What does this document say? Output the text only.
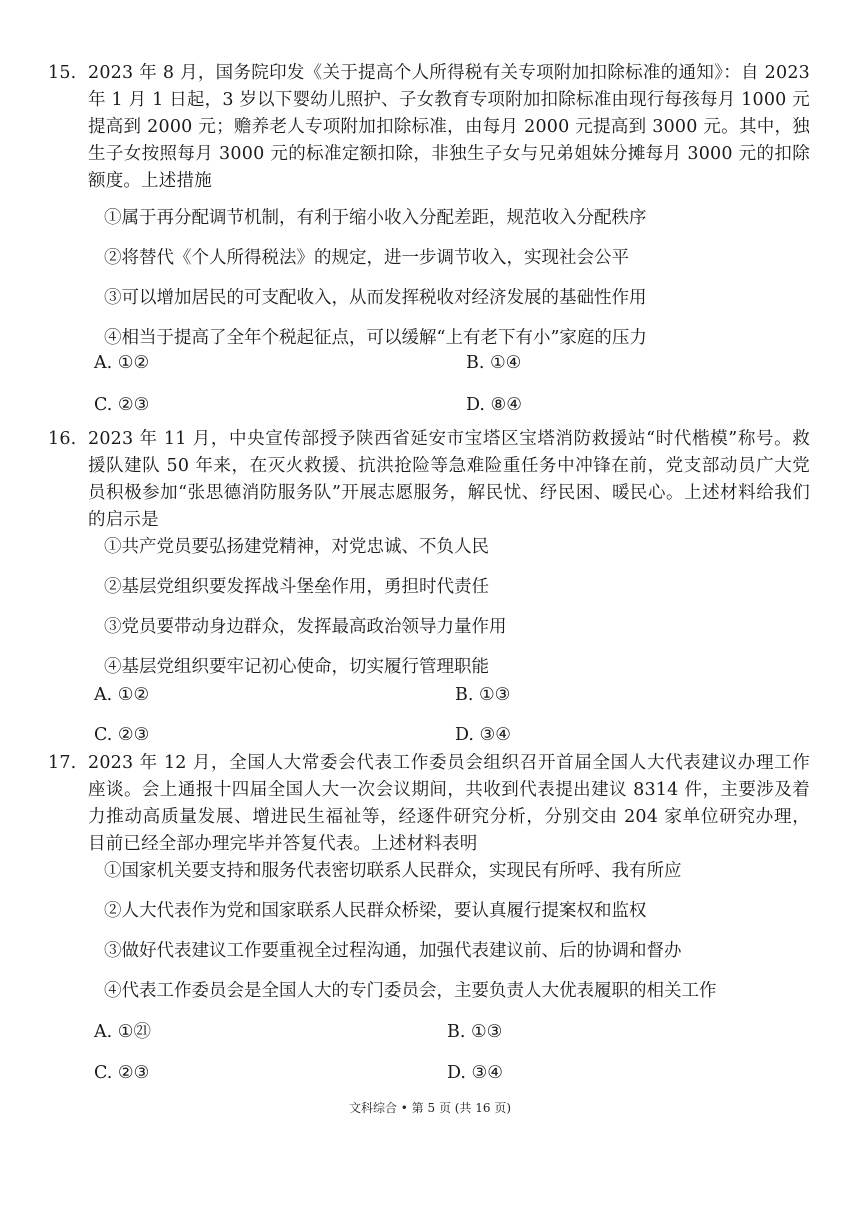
15. 2023 年 8 月，国务院印发《关于提高个人所得税有关专项附加扣除标准的通知》：自 2023 年 1 月 1 日起，3 岁以下婴幼儿照护、子女教育专项附加扣除标准由现行每孩每月 1000 元提高到 2000 元；赡养老人专项附加扣除标准，由每月 2000 元提高到 3000 元。其中，独生子女按照每月 3000 元的标准定额扣除，非独生子女与兄弟姐妹分摊每月 3000 元的扣除额度。上述措施

①属于再分配调节机制，有利于缩小收入分配差距，规范收入分配秩序

②将替代《个人所得税法》的规定，进一步调节收入，实现社会公平

③可以增加居民的可支配收入，从而发挥税收对经济发展的基础性作用

④相当于提高了全年个税起征点，可以缓解“上有老下有小”家庭的压力

A. ①②	B. ①④
C. ②③	D. ⑧④
16. 2023 年 11 月，中央宣传部授予陕西省延安市宝塔区宝塔消防救援站“时代楷模”称号。救援队建队 50 年来，在灭火救援、抗洪抢险等急难险重任务中冲锋在前，党支部动员广大党员积极参加“张思德消防服务队”开展志愿服务，解民忧、纾民困、暖民心。上述材料给我们的启示是

①共产党员要弘扬建党精神，对党忠诚、不负人民

②基层党组织要发挥战斗堡垒作用，勇担时代责任

③党员要带动身边群众，发挥最高政治领导力量作用

④基层党组织要牢记初心使命，切实履行管理职能

A. ①②	B. ①③
C. ②③	D. ③④
17. 2023 年 12 月，全国人大常委会代表工作委员会组织召开首届全国人大代表建议办理工作座谈。会上通报十四届全国人大一次会议期间，共收到代表提出建议 8314 件，主要涉及着力推动高质量发展、增进民生福祉等，经逐件研究分析，分别交由 204 家单位研究办理， 目前已经全部办理完毕并答复代表。上述材料表明

①国家机关要支持和服务代表密切联系人民群众，实现民有所呼、我有所应

②人大代表作为党和国家联系人民群众桥梁，要认真履行提案权和监权

③做好代表建议工作要重视全过程沟通，加强代表建议前、后的协调和督办

④代表工作委员会是全国人大的专门委员会，主要负责人大优表履职的相关工作

A. ①㉑	B. ①③
C. ②③	D. ③④
文科综合 • 第 5 页 (共 16 页)
